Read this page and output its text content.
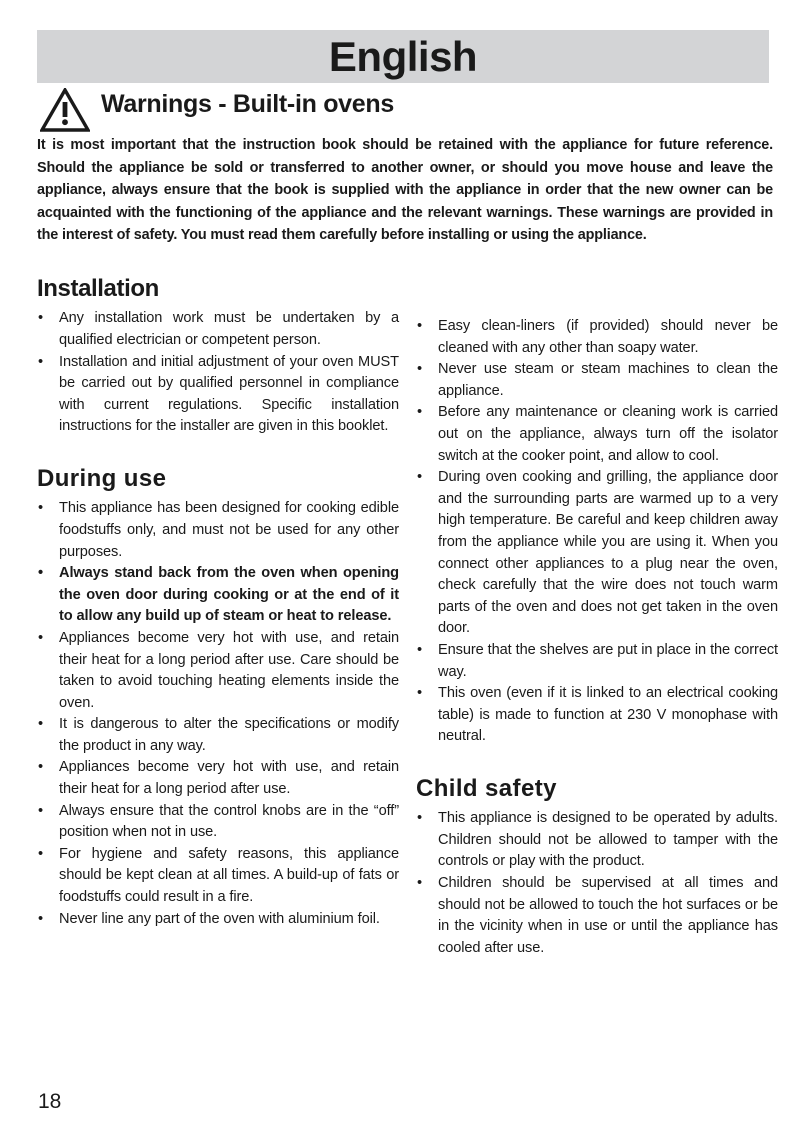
English
Warnings - Built-in ovens
It is most important that the instruction book should be retained with the appliance for future reference. Should the appliance be sold or transferred to another owner, or should you move house and leave the appliance, always ensure that the book is supplied with the appliance in order that the new owner can be acquainted with the functioning of the appliance and the relevant warnings. These warnings are provided in the interest of safety. You must read them carefully before installing or using the appliance.
Installation
• Any installation work must be undertaken by a qualified electrician or competent person.
• Installation and initial adjustment of your oven MUST be carried out by qualified personnel in compliance with current regulations. Specific installation instructions for the installer are given in this booklet.
During use
• This appliance has been designed for cooking edible foodstuffs only, and must not be used for any other purposes.
• Always stand back from the oven when opening the oven door during cooking or at the end of it to allow any build up of steam or heat to release.
• Appliances become very hot with use, and retain their heat for a long period after use. Care should be taken to avoid touching heating elements inside the oven.
• It is dangerous to alter the specifications or modify the product in any way.
• Appliances become very hot with use, and retain their heat for a long period after use.
• Always ensure that the control knobs are in the “off” position when not in use.
• For hygiene and safety reasons, this appliance should be kept clean at all times. A build-up of fats or foodstuffs could result in a fire.
• Never line any part of the oven with aluminium foil.
• Easy clean-liners (if provided) should never be cleaned with any other than soapy water.
• Never use steam or steam machines to clean the appliance.
• Before any maintenance or cleaning work is carried out on the appliance, always turn off the isolator switch at the cooker point, and allow to cool.
• During oven cooking and grilling, the appliance door and the surrounding parts are warmed up to a very high temperature. Be careful and keep children away from the appliance while you are using it. When you connect other appliances to a plug near the oven, check carefully that the wire does not touch warm parts of the oven and does not get taken in the oven door.
• Ensure that the shelves are put in place in the correct way.
• This oven (even if it is linked to an electrical cooking table) is made to function at 230 V monophase with neutral.
Child safety
• This appliance is designed to be operated by adults. Children should not be allowed to tamper with the controls or play with the product.
• Children should be supervised at all times and should not be allowed to touch the hot surfaces or be in the vicinity when in use or until the appliance has cooled after use.
18
